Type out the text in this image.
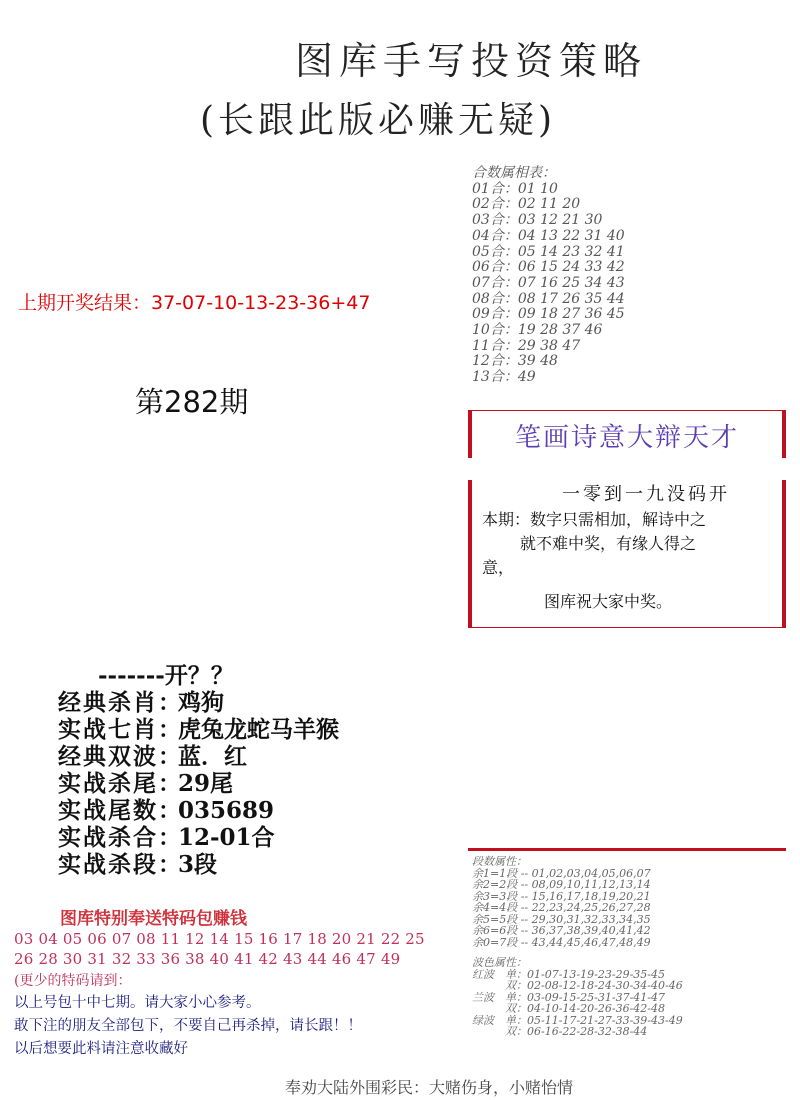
图库手写投资策略
(长跟此版必赚无疑)
上期开奖结果：37-07-10-13-23-36+47
第282期
合数属相表：
01合：01 10
02合：02 11 20
03合：03 12 21 30
04合：04 13 22 31 40
05合：05 14 23 32 41
06合：06 15 24 33 42
07合：07 16 25 34 43
08合：08 17 26 35 44
09合：09 18 27 36 45
10合：19 28 37 46
11合：29 38 47
12合：39 48
13合：49
笔画诗意大辩天才
一零到一九没码开
本期：数字只需相加，解诗中之
就不难中奖，有缘人得之
意，
图库祝大家中奖。
-------开？？
经典杀肖：
鸡狗
实战七肖：
虎兔龙蛇马羊猴
经典双波：
蓝．红
实战杀尾：
29尾
实战尾数：
035689
实战杀合：
12-01合
实战杀段：
3段	段数属性：
余1=1段 -- 01,02,03,04,05,06,07
余2=2段 -- 08,09,10,11,12,13,14
余3=3段 -- 15,16,17,18,19,20,21
余4=4段 -- 22,23,24,25,26,27,28
余5=5段 -- 29,30,31,32,33,34,35
余6=6段 -- 36,37,38,39,40,41,42
余0=7段 -- 43,44,45,46,47,48,49
波色属性：
红波　单：01-07-13-19-23-29-35-45
　　　双：02-08-12-18-24-30-34-40-46
兰波　单：03-09-15-25-31-37-41-47
　　　双：04-10-14-20-26-36-42-48
绿波　单：05-11-17-21-27-33-39-43-49
　　　双：06-16-22-28-32-38-44
图库特别奉送特码包赚钱
03 04 05 06 07 08 11 12 14 15 16 17 18 20 21 22 25
26 28 30 31 32 33 36 38 40 41 42 43 44 46 47 49
(更少的特码请到：
以上号包十中七期。请大家小心参考。
敢下注的朋友全部包下，不要自己再杀掉，请长跟！！
以后想要此料请注意收藏好
奉劝大陆外围彩民：大赌伤身，小赌怡情
